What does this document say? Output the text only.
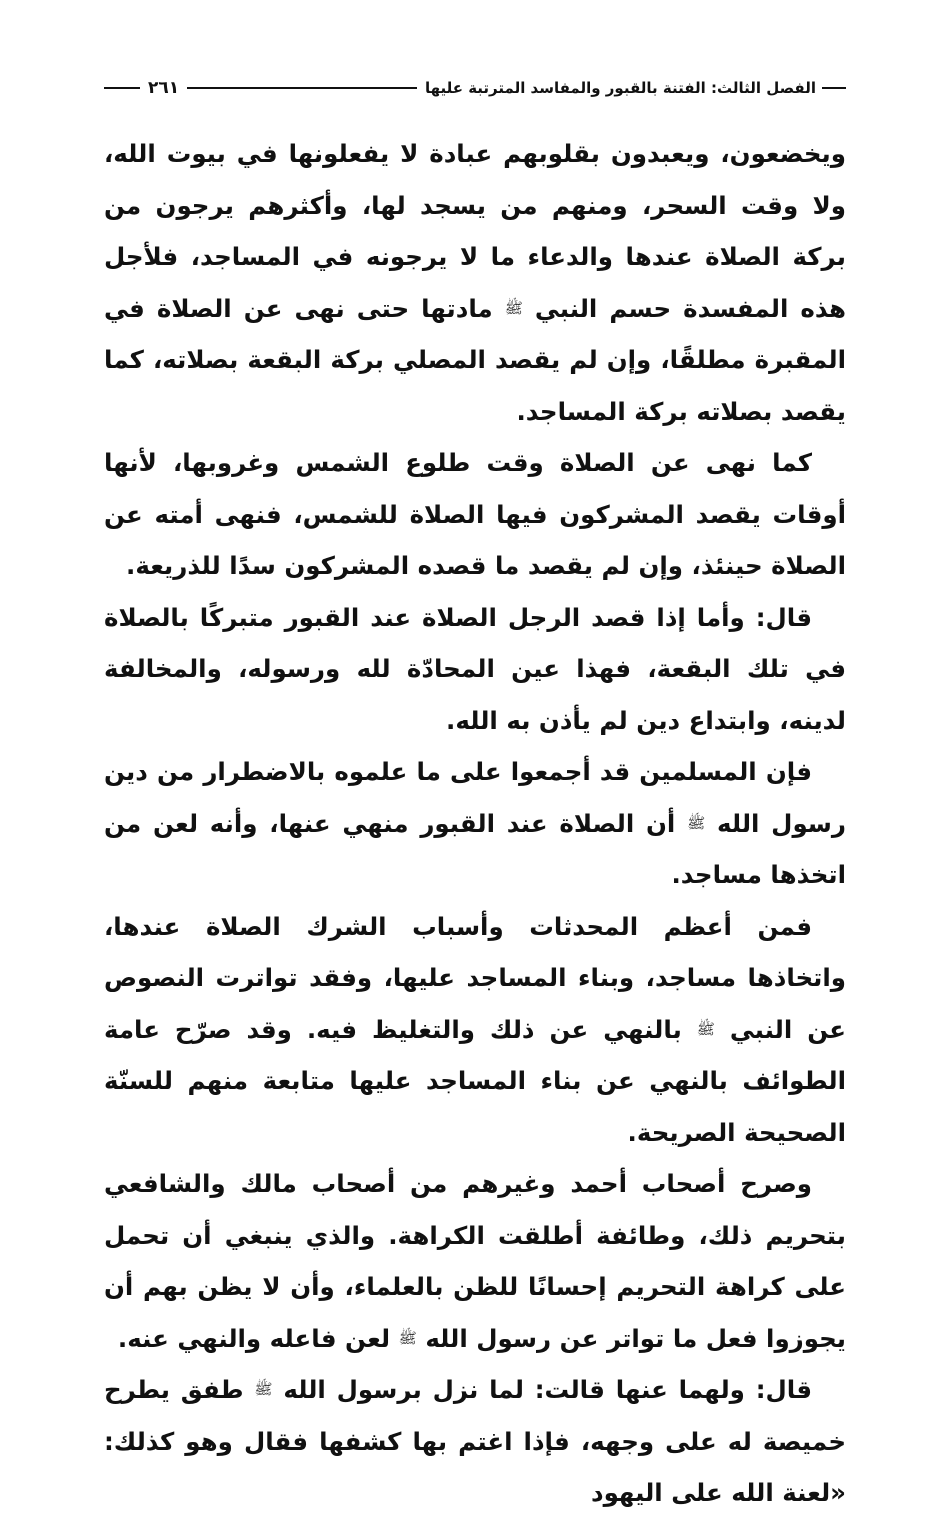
الفصل الثالث: الفتنة بالقبور والمفاسد المترتبة عليها
٢٦١

ويخضعون، ويعبدون بقلوبهم عبادة لا يفعلونها في بيوت الله، ولا وقت السحر، ومنهم من يسجد لها، وأكثرهم يرجون من بركة الصلاة عندها والدعاء ما لا يرجونه في المساجد، فلأجل هذه المفسدة حسم النبي ﷺ مادتها حتى نهى عن الصلاة في المقبرة مطلقًا، وإن لم يقصد المصلي بركة البقعة بصلاته، كما يقصد بصلاته بركة المساجد.

كما نهى عن الصلاة وقت طلوع الشمس وغروبها، لأنها أوقات يقصد المشركون فيها الصلاة للشمس، فنهى أمته عن الصلاة حينئذ، وإن لم يقصد ما قصده المشركون سدًا للذريعة.

قال: وأما إذا قصد الرجل الصلاة عند القبور متبركًا بالصلاة في تلك البقعة، فهذا عين المحادّة لله ورسوله، والمخالفة لدينه، وابتداع دين لم يأذن به الله.

فإن المسلمين قد أجمعوا على ما علموه بالاضطرار من دين رسول الله ﷺ أن الصلاة عند القبور منهي عنها، وأنه لعن من اتخذها مساجد.

فمن أعظم المحدثات وأسباب الشرك الصلاة عندها، واتخاذها مساجد، وبناء المساجد عليها، وفقد تواترت النصوص عن النبي ﷺ بالنهي عن ذلك والتغليظ فيه. وقد صرّح عامة الطوائف بالنهي عن بناء المساجد عليها متابعة منهم للسنّة الصحيحة الصريحة.

وصرح أصحاب أحمد وغيرهم من أصحاب مالك والشافعي بتحريم ذلك، وطائفة أطلقت الكراهة. والذي ينبغي أن تحمل على كراهة التحريم إحسانًا للظن بالعلماء، وأن لا يظن بهم أن يجوزوا فعل ما تواتر عن رسول الله ﷺ لعن فاعله والنهي عنه.

قال: ولهما عنها قالت: لما نزل برسول الله ﷺ طفق يطرح خميصة له على وجهه، فإذا اغتم بها كشفها فقال وهو كذلك: «لعنة الله على اليهود
